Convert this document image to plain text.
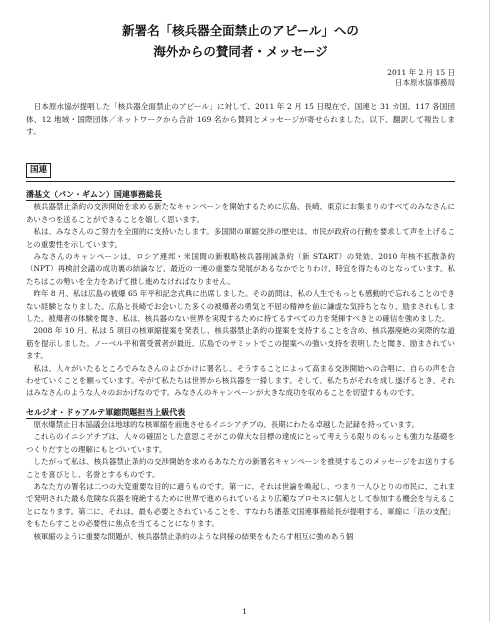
新署名「核兵器全面禁止のアピール」への
海外からの賛同者・メッセージ
2011 年 2 月 15 日
日本原水協事務局

日本原水協が提唱した「核兵器全面禁止のアピール」に対して、2011 年 2 月 15 日現在で、国連と 31 カ国、117 各国団体、12 地域・国際団体／ネットワークから合計 169 名から賛同とメッセージが寄せられました。以下、翻訳して報告します。

国連
潘基文（パン・ギムン）国連事務総長

核兵器禁止条約の交渉開始を求める新たなキャンペーンを開始するために広島、長崎、東京にお集まりのすべてのみなさんにあいさつを送ることができることを嬉しく思います。

私は、みなさんのご努力を全面的に支持いたします。多国間の軍縮交渉の歴史は、市民が政府の行動を要求して声を上げることの重要性を示しています。

みなさんのキャンペーンは、ロシア連邦・米国間の新戦略核兵器削減条約（新 START）の発効、2010 年核不拡散条約（NPT）再検討会議の成功裏の結論など、最近の一連の重要な発展があるなかでとりわけ、時宜を得たものとなっています。私たちはこの勢いを全力をあげて推し進めなければなりません。

昨年 8 月、私は広島の被爆 65 年平和記念式典に出席しました。その訪問は、私の人生でもっとも感動的で忘れることのできない経験となりました。広島と長崎でお会いした多くの被爆者の勇気と不屈の精神を前に謙虚な気持ちとなり、励まされもしました。被爆者の体験を聞き、私は、核兵器のない世界を実現するために持てるすべての力を発揮すべきとの確信を強めました。

2008 年 10 月、私は 5 項目の核軍縮提案を発表し、核兵器禁止条約の提案を支持することを含め、核兵器廃絶の実際的な道筋を提示しました。ノーベル平和賞受賞者が最近、広島でのサミットでこの提案への強い支持を表明したと聞き、励まされています。

私は、人々がいたるところでみなさんのよびかけに署名し、そうすることによって高まる交渉開始への合唱に、自らの声を合わせていくことを願っています。やがて私たちは世界から核兵器を一掃します。そして、私たちがそれを成し遂げるとき、それはみなさんのような人々のおかげなのです。みなさんのキャンペーンが大きな成功を収めることを切望するものです。

セルジオ・ドゥアルテ軍縮問題担当上級代表

原水爆禁止日本協議会は地球的な核軍縮を前進させるイニシアチブの、長期にわたる卓越した記録を持っています。

これらのイニシアチブは、人々の確固とした意思こそがこの偉大な目標の達成にとって考えうる限りのもっとも強力な基礎をつくりだすとの理解にもとづいています。

したがって私は、核兵器禁止条約の交渉開始を求めるあなた方の新署名キャンペーンを推奨するこのメッセージをお送りすることを喜びとし、名誉とするものです。

あなた方の署名は二つの大変重要な目的に適うものです。第一に、それは世論を喚起し、つまり一人ひとりの市民に、これまで発明された最も危険な兵器を廃絶するために世界で進められているより広範なプロセスに個人として参加する機会を与えることになります。第二に、それは、最も必要とされていることを、すなわち潘基文国連事務総長が提唱する、軍縮に「法の支配」をもたらすことの必要性に焦点を当てることになります。

核軍縮のように重要な問題が、核兵器禁止条約のような同様の結果をもたらす相互に強めあう個

1
